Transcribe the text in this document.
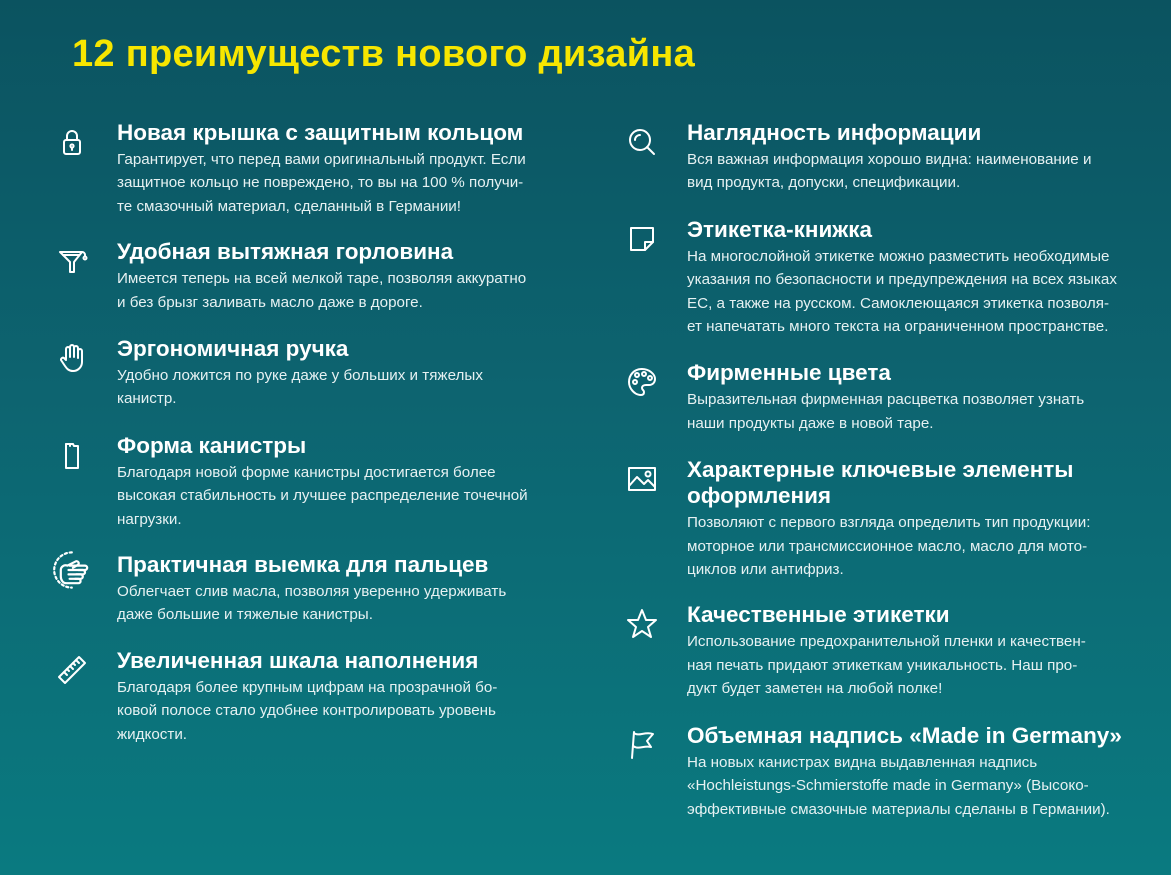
12 преимуществ нового дизайна
Новая крышка с защитным кольцом

Гарантирует, что перед вами оригинальный продукт. Если
защитное кольцо не повреждено, то вы на 100 % получи-
те смазочный материал, сделанный в Германии!

Удобная вытяжная горловина

Имеется теперь на всей мелкой таре, позволяя аккуратно
и без брызг заливать масло даже в дороге.

Эргономичная ручка

Удобно ложится по руке даже у больших и тяжелых
канистр.

Форма канистры

Благодаря новой форме канистры достигается более
высокая стабильность и лучшее распределение точечной
нагрузки.

Практичная выемка для пальцев

Облегчает слив масла, позволяя уверенно удерживать
даже большие и тяжелые канистры.

Увеличенная шкала наполнения

Благодаря более крупным цифрам на прозрачной бо-
ковой полосе стало удобнее контролировать уровень
жидкости.

Наглядность информации

Вся важная информация хорошо видна: наименование и
вид продукта, допуски, спецификации.

Этикетка-книжка

На многослойной этикетке можно разместить необходимые
указания по безопасности и предупреждения на всех языках
ЕС, а также на русском. Самоклеющаяся этикетка позволя-
ет напечатать много текста на ограниченном пространстве.

Фирменные цвета

Выразительная фирменная расцветка позволяет узнать
наши продукты даже в новой таре.

Характерные ключевые элементы оформления

Позволяют с первого взгляда определить тип продукции:
моторное или трансмиссионное масло, масло для мото-
циклов или антифриз.

Качественные этикетки

Использование предохранительной пленки и качествен-
ная печать придают этикеткам уникальность. Наш про-
дукт будет заметен на любой полке!

Объемная надпись «Made in Germany»

На новых канистрах видна выдавленная надпись
«Hochleistungs-Schmierstoffe made in Germany» (Высоко-
эффективные смазочные материалы сделаны в Германии).
